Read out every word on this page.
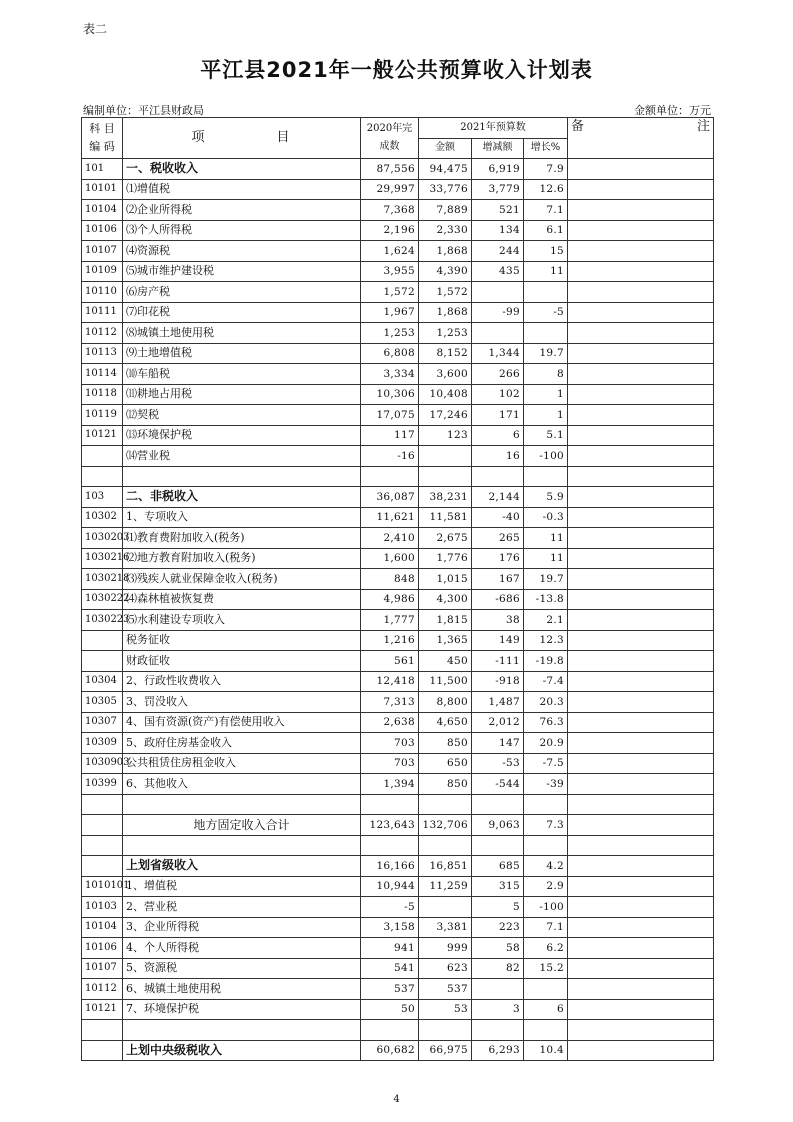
表二
平江县2021年一般公共预算收入计划表
编制单位：平江县财政局	金额单位：万元
科 目
编 码	项 目	2020年完
成数	2021年预算数			备 注

			金额	增减额	增长%	
101	一、税收收入	87,556	94,475	6,919	7.9	
10101	⑴增值税	29,997	33,776	3,779	12.6	
10104	⑵企业所得税	7,368	7,889	521	7.1	
10106	⑶个人所得税	2,196	2,330	134	6.1	
10107	⑷资源税	1,624	1,868	244	15	
10109	⑸城市维护建设税	3,955	4,390	435	11	
10110	⑹房产税	1,572	1,572			
10111	⑺印花税	1,967	1,868	-99	-5	
10112	⑻城镇土地使用税	1,253	1,253			
10113	⑼土地增值税	6,808	8,152	1,344	19.7	
10114	⑽车船税	3,334	3,600	266	8	
10118	⑾耕地占用税	10,306	10,408	102	1	
10119	⑿契税	17,075	17,246	171	1	
10121	⒀环境保护税	117	123	6	5.1	
	⒁营业税	-16		16	-100	

103	二、非税收入	36,087	38,231	2,144	5.9	
10302	1、专项收入	11,621	11,581	-40	-0.3	
1030203	⑴教育费附加收入(税务)	2,410	2,675	265	11	
1030216	⑵地方教育附加收入(税务)	1,600	1,776	176	11	
1030218	⑶残疾人就业保障金收入(税务)	848	1,015	167	19.7	
1030222	⑷森林植被恢复费	4,986	4,300	-686	-13.8	
1030223	⑸水利建设专项收入	1,777	1,815	38	2.1	
	税务征收	1,216	1,365	149	12.3	
	财政征收	561	450	-111	-19.8	
10304	2、行政性收费收入	12,418	11,500	-918	-7.4	
10305	3、罚没收入	7,313	8,800	1,487	20.3	
10307	4、国有资源(资产)有偿使用收入	2,638	4,650	2,012	76.3	
10309	5、政府住房基金收入	703	850	147	20.9	
1030903	公共租赁住房租金收入	703	650	-53	-7.5	
10399	6、其他收入	1,394	850	-544	-39	

	地方固定收入合计	123,643	132,706	9,063	7.3	

	上划省级收入	16,166	16,851	685	4.2	
1010101	1、增值税	10,944	11,259	315	2.9	
10103	2、营业税	-5		5	-100	
10104	3、企业所得税	3,158	3,381	223	7.1	
10106	4、个人所得税	941	999	58	6.2	
10107	5、资源税	541	623	82	15.2	
10112	6、城镇土地使用税	537	537			
10121	7、环境保护税	50	53	3	6	

	上划中央级税收入	60,682	66,975	6,293	10.4	
4
